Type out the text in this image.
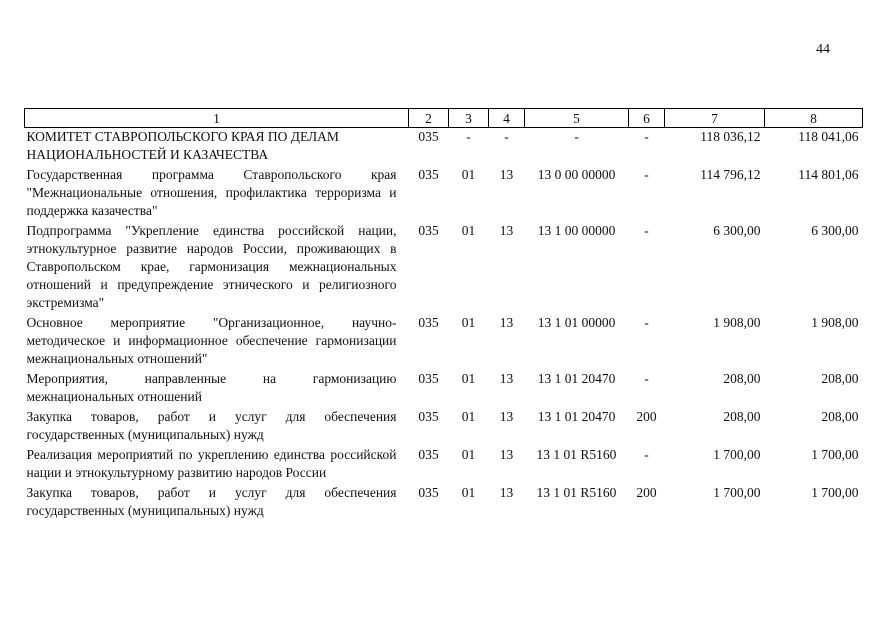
44
1	2	3	4	5	6	7	8
КОМИТЕТ СТАВРОПОЛЬСКОГО КРАЯ ПО ДЕЛАМ НАЦИОНАЛЬНОСТЕЙ И КАЗАЧЕСТВА	035	-	-	-	-	118 036,12	118 041,06
Государственная программа Ставропольского края "Межнациональные отношения, профилактика терроризма и поддержка казачества"	035	01	13	13 0 00 00000	-	114 796,12	114 801,06
Подпрограмма "Укрепление единства российской нации, этнокультурное развитие народов России, проживающих в Ставропольском крае, гармонизация межнациональных отношений и предупреждение этнического и религиозного экстремизма"	035	01	13	13 1 00 00000	-	6 300,00	6 300,00
Основное мероприятие "Организационное, научно-методическое и информационное обеспечение гармонизации межнациональных отношений"	035	01	13	13 1 01 00000	-	1 908,00	1 908,00
Мероприятия, направленные на гармонизацию межнациональных отношений	035	01	13	13 1 01 20470	-	208,00	208,00
Закупка товаров, работ и услуг для обеспечения государственных (муниципальных) нужд	035	01	13	13 1 01 20470	200	208,00	208,00
Реализация мероприятий по укреплению единства российской нации и этнокультурному развитию народов России	035	01	13	13 1 01 R5160	-	1 700,00	1 700,00
Закупка товаров, работ и услуг для обеспечения государственных (муниципальных) нужд	035	01	13	13 1 01 R5160	200	1 700,00	1 700,00
